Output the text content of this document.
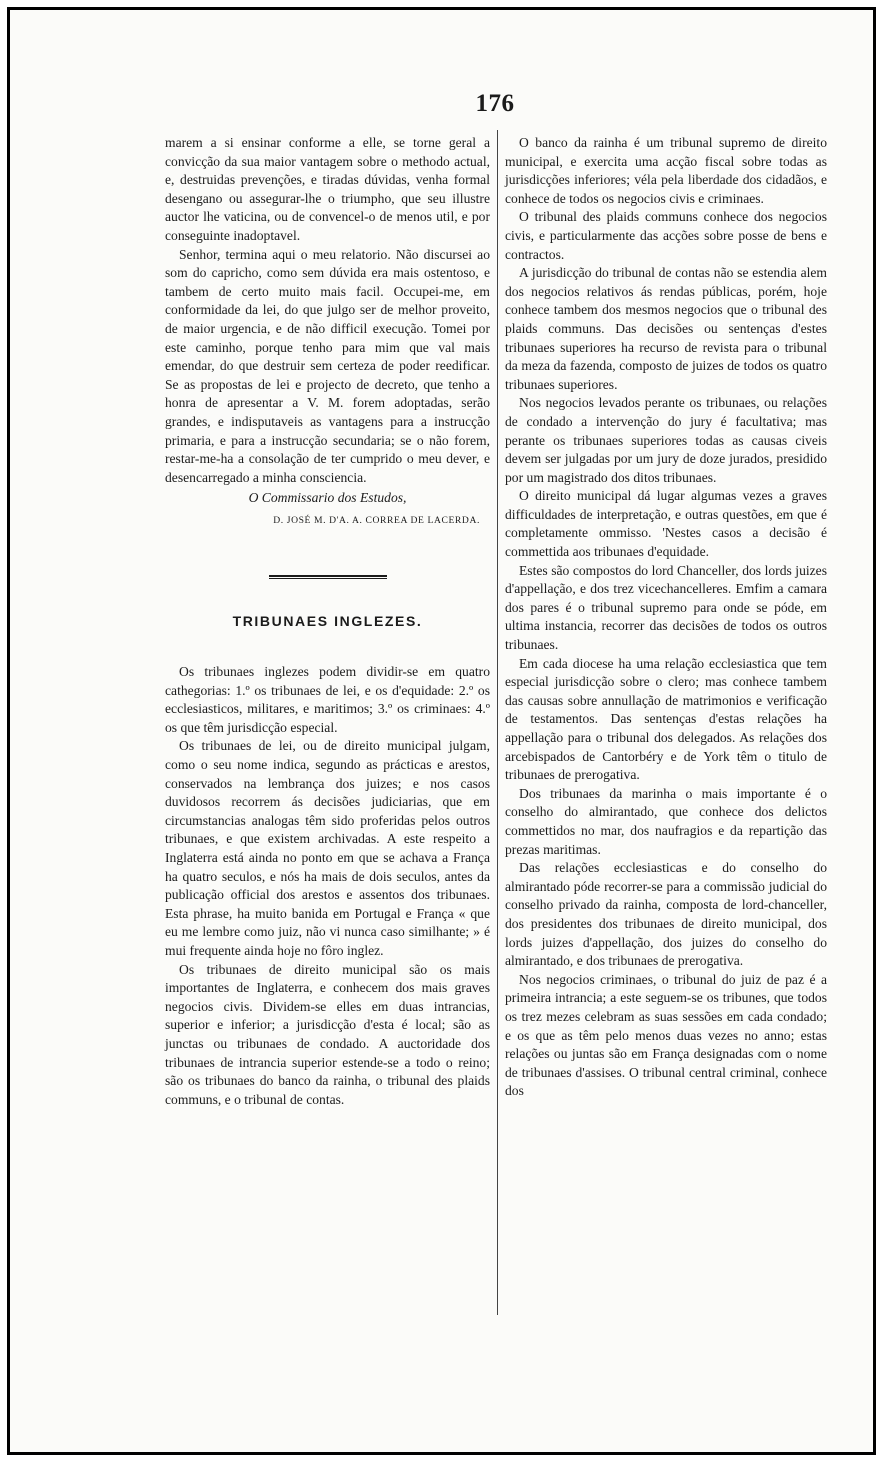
176

marem a si ensinar conforme a elle, se torne geral a convicção da sua maior vantagem sobre o methodo actual, e, destruidas prevenções, e tiradas dúvidas, venha formal desengano ou assegurar-lhe o triumpho, que seu illustre auctor lhe vaticina, ou de convencel-o de menos util, e por conseguinte inadoptavel.

Senhor, termina aqui o meu relatorio. Não discursei ao som do capricho, como sem dúvida era mais ostentoso, e tambem de certo muito mais facil. Occupei-me, em conformidade da lei, do que julgo ser de melhor proveito, de maior urgencia, e de não difficil execução. Tomei por este caminho, porque tenho para mim que val mais emendar, do que destruir sem certeza de poder reedificar. Se as propostas de lei e projecto de decreto, que tenho a honra de apresentar a V. M. forem adoptadas, serão grandes, e indisputaveis as vantagens para a instrucção primaria, e para a instrucção secundaria; se o não forem, restar-me-ha a consolação de ter cumprido o meu dever, e desencarregado a minha consciencia.

O Commissario dos Estudos,

D. JOSÉ M. D'A. A. CORREA DE LACERDA.

TRIBUNAES INGLEZES.

Os tribunaes inglezes podem dividir-se em quatro cathegorias: 1.º os tribunaes de lei, e os d'equidade: 2.º os ecclesiasticos, militares, e maritimos; 3.º os criminaes: 4.º os que têm jurisdicção especial.

Os tribunaes de lei, ou de direito municipal julgam, como o seu nome indica, segundo as prácticas e arestos, conservados na lembrança dos juizes; e nos casos duvidosos recorrem ás decisões judiciarias, que em circumstancias analogas têm sido proferidas pelos outros tribunaes, e que existem archivadas. A este respeito a Inglaterra está ainda no ponto em que se achava a França ha quatro seculos, e nós ha mais de dois seculos, antes da publicação official dos arestos e assentos dos tribunaes. Esta phrase, ha muito banida em Portugal e França « que eu me lembre como juiz, não vi nunca caso similhante; » é mui frequente ainda hoje no fôro inglez.

Os tribunaes de direito municipal são os mais importantes de Inglaterra, e conhecem dos mais graves negocios civis. Dividem-se elles em duas intrancias, superior e inferior; a jurisdicção d'esta é local; são as junctas ou tribunaes de condado. A auctoridade dos tribunaes de intrancia superior estende-se a todo o reino; são os tribunaes do banco da rainha, o tribunal des plaids communs, e o tribunal de contas.

O banco da rainha é um tribunal supremo de direito municipal, e exercita uma acção fiscal sobre todas as jurisdicções inferiores; véla pela liberdade dos cidadãos, e conhece de todos os negocios civis e criminaes.

O tribunal des plaids communs conhece dos negocios civis, e particularmente das acções sobre posse de bens e contractos.

A jurisdicção do tribunal de contas não se estendia alem dos negocios relativos ás rendas públicas, porém, hoje conhece tambem dos mesmos negocios que o tribunal des plaids communs. Das decisões ou sentenças d'estes tribunaes superiores ha recurso de revista para o tribunal da meza da fazenda, composto de juizes de todos os quatro tribunaes superiores.

Nos negocios levados perante os tribunaes, ou relações de condado a intervenção do jury é facultativa; mas perante os tribunaes superiores todas as causas civeis devem ser julgadas por um jury de doze jurados, presidido por um magistrado dos ditos tribunaes.

O direito municipal dá lugar algumas vezes a graves difficuldades de interpretação, e outras questões, em que é completamente ommisso. 'Nestes casos a decisão é commettida aos tribunaes d'equidade.

Estes são compostos do lord Chanceller, dos lords juizes d'appellação, e dos trez vicechancelleres. Emfim a camara dos pares é o tribunal supremo para onde se póde, em ultima instancia, recorrer das decisões de todos os outros tribunaes.

Em cada diocese ha uma relação ecclesiastica que tem especial jurisdicção sobre o clero; mas conhece tambem das causas sobre annullação de matrimonios e verificação de testamentos. Das sentenças d'estas relações ha appellação para o tribunal dos delegados. As relações dos arcebispados de Cantorbéry e de York têm o titulo de tribunaes de prerogativa.

Dos tribunaes da marinha o mais importante é o conselho do almirantado, que conhece dos delictos commettidos no mar, dos naufragios e da repartição das prezas maritimas.

Das relações ecclesiasticas e do conselho do almirantado póde recorrer-se para a commissão judicial do conselho privado da rainha, composta de lord-chanceller, dos presidentes dos tribunaes de direito municipal, dos lords juizes d'appellação, dos juizes do conselho do almirantado, e dos tribunaes de prerogativa.

Nos negocios criminaes, o tribunal do juiz de paz é a primeira intrancia; a este seguem-se os tribunes, que todos os trez mezes celebram as suas sessões em cada condado; e os que as têm pelo menos duas vezes no anno; estas relações ou juntas são em França designadas com o nome de tribunaes d'assises. O tribunal central criminal, conhece dos
